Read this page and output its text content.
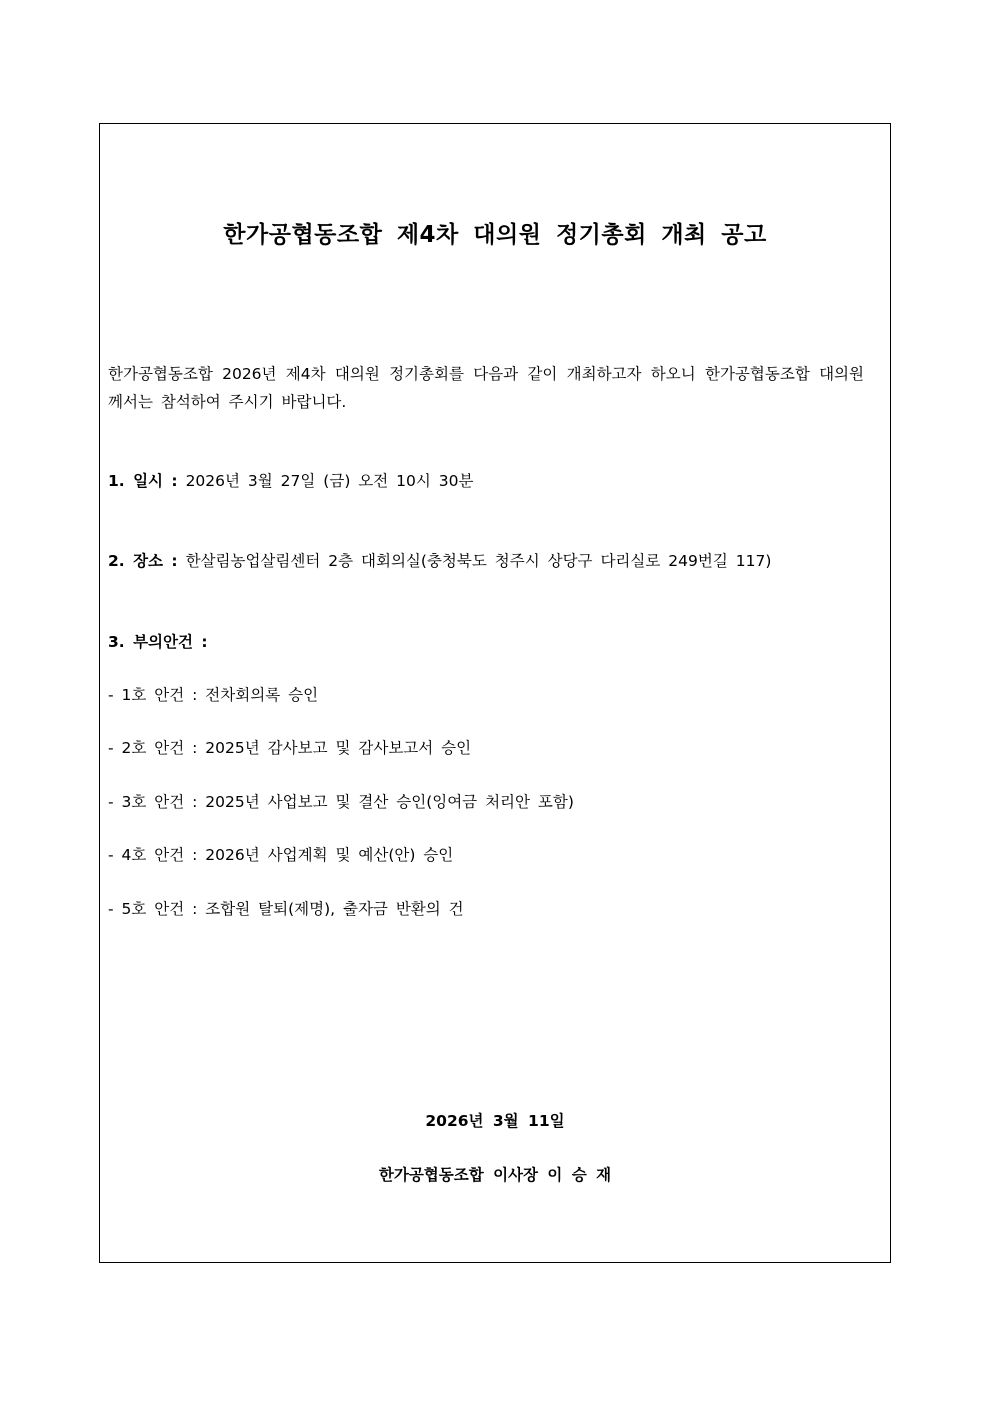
한가공협동조합 제4차 대의원 정기총회 개최 공고
한가공협동조합 2026년 제4차 대의원 정기총회를 다음과 같이 개최하고자 하오니 한가공협동조합 대의원께서는 참석하여 주시기 바랍니다.
1. 일시 : 2026년 3월 27일 (금) 오전 10시 30분
2. 장소 : 한살림농업살림센터 2층 대회의실(충청북도 청주시 상당구 다리실로 249번길 117)
3. 부의안건 :
- 1호 안건 : 전차회의록 승인
- 2호 안건 : 2025년 감사보고 및 감사보고서 승인
- 3호 안건 : 2025년 사업보고 및 결산 승인(잉여금 처리안 포함)
- 4호 안건 : 2026년 사업계획 및 예산(안) 승인
- 5호 안건 : 조합원 탈퇴(제명), 출자금 반환의 건
2026년 3월 11일
한가공협동조합 이사장 이 승 재
